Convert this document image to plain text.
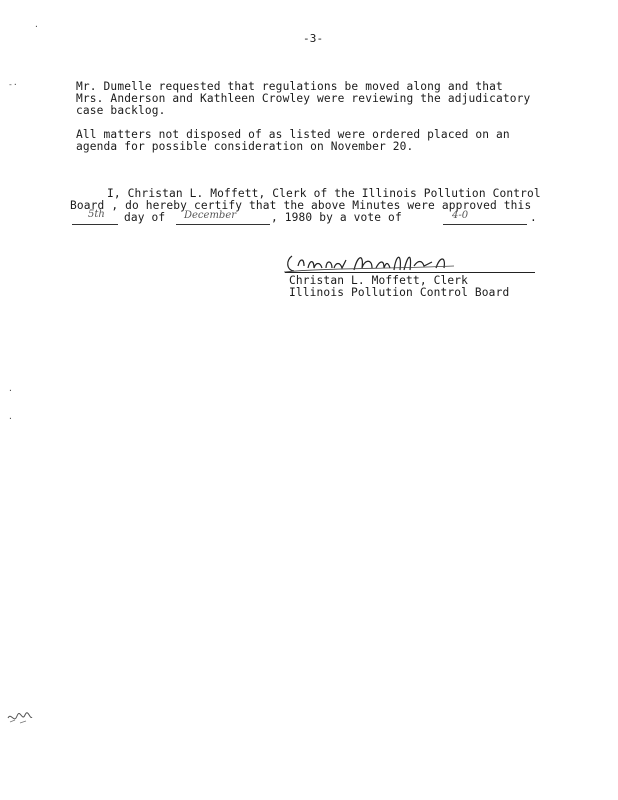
-3-
·
-·
·
·
Mr. Dumelle requested that regulations be moved along and that
Mrs. Anderson and Kathleen Crowley were reviewing the adjudicatory
case backlog.
All matters not disposed of as listed were ordered placed on an
agenda for possible consideration on November 20.
I, Christan L. Moffett, Clerk of the Illinois Pollution Control
Board , do hereby certify that the above Minutes were approved this
5th day of December	, 1980 by a vote of	4-0	.
Christan L. Moffett, Clerk
Illinois Pollution Control Board
